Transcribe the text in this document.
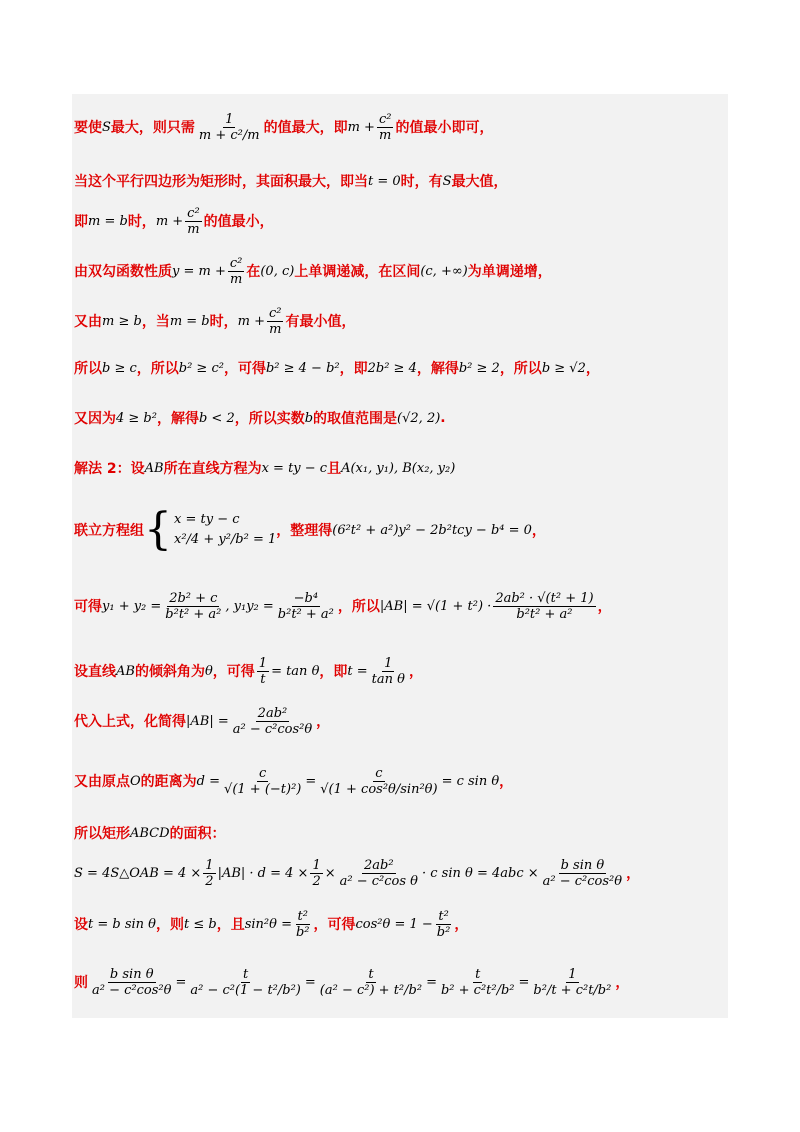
要使 S 最大，则只需 $\frac{1}{\text{m + c²/m}}$ 的值最大，即 $m + \frac{\text{c²}}{m}$ 的值最小即可，
当这个平行四边形为矩形时，其面积最大，即当 t = 0 时，有 S 最大值，
即 m = b 时， $m + \frac{\text{c²}}{m}$ 的值最小，
由双勾函数性质 $y = m + \frac{\text{c²}}{m}$ 在 (0, c) 上单调递减，在区间 (c, +∞) 为单调递增，
又由 m ≥ b ，当 m = b 时， $m + \frac{\text{c²}}{m}$ 有最小值，
所以 b ≥ c ，所以 b² ≥ c² ，可得 b² ≥ 4 − b² ，即 2b² ≥ 4 ，解得 b² ≥ 2 ，所以 b ≥ √2 ，
又因为 4 ≥ b² ，解得 b < 2 ，所以实数 b 的取值范围是 (√2, 2) .
解法 2：设 AB 所在直线方程为 x = ty − c 且 A(x₁, y₁), B(x₂, y₂)
联立方程组 { x = ty − c
x²/4 + y²/b² = 1
，整理得 (6²t² + a²)y² − 2b²tcy − b⁴ = 0 ，
可得 $y_1 + y_2 = \frac{\text{2b² + c}}{\text{b²t² + a²}}$ , $y_1y_2 = \frac{\text{−b⁴}}{\text{b²t² + a²}}$ ，所以 $|AB| = √(1 + t^2) \cdot \frac{\text{2ab² · √(t² + 1)}}{\text{b²t² + a²}}$ ，
设直线 AB 的倾斜角为 θ ，可得 $\frac{1}{t} = \tan \theta$ ，即 $t = \frac{1}{\text{tan θ}}$ ，
代入上式，化简得 $|AB| = \frac{\text{2ab²}}{\text{a² − c²cos²θ}}$ ，
又由原点 O 的距离为 $d = \frac{c}{\text{√(1 + (−t)²)}} = \frac{c}{\text{√(1 + cos²θ/sin²θ)}} = c$ sin θ ，
所以矩形 ABCD 的面积：
S = 4S△OAB = $4 \times \frac{1}{2} |AB| \cdot d = 4 \times \frac{1}{2} \times \frac{\text{2ab²}}{\text{a² − c²cos θ}} \cdot c$ $\sin \theta = 4abc \times \frac{\text{b sin θ}}{\text{a² − c²cos²θ}}$ ，
设 t = b sin θ ，则 t ≤ b ，且 $\sin^2\theta = \frac{\text{t²}}{\text{b²}}$ ，可得 $\cos^2\theta = 1 - \frac{\text{t²}}{\text{b²}}$ ，
则 $\frac{\text{b sin θ}}{\text{a² − c²cos²θ}} = \frac{t}{\text{a² − c²(1 − t²/b²)}} = \frac{t}{\text{(a² − c²) + t²/b²}} = \frac{t}{\text{b² + c²t²/b²}} = \frac{1}{\text{b²/t + c²t/b²}}$ ，
